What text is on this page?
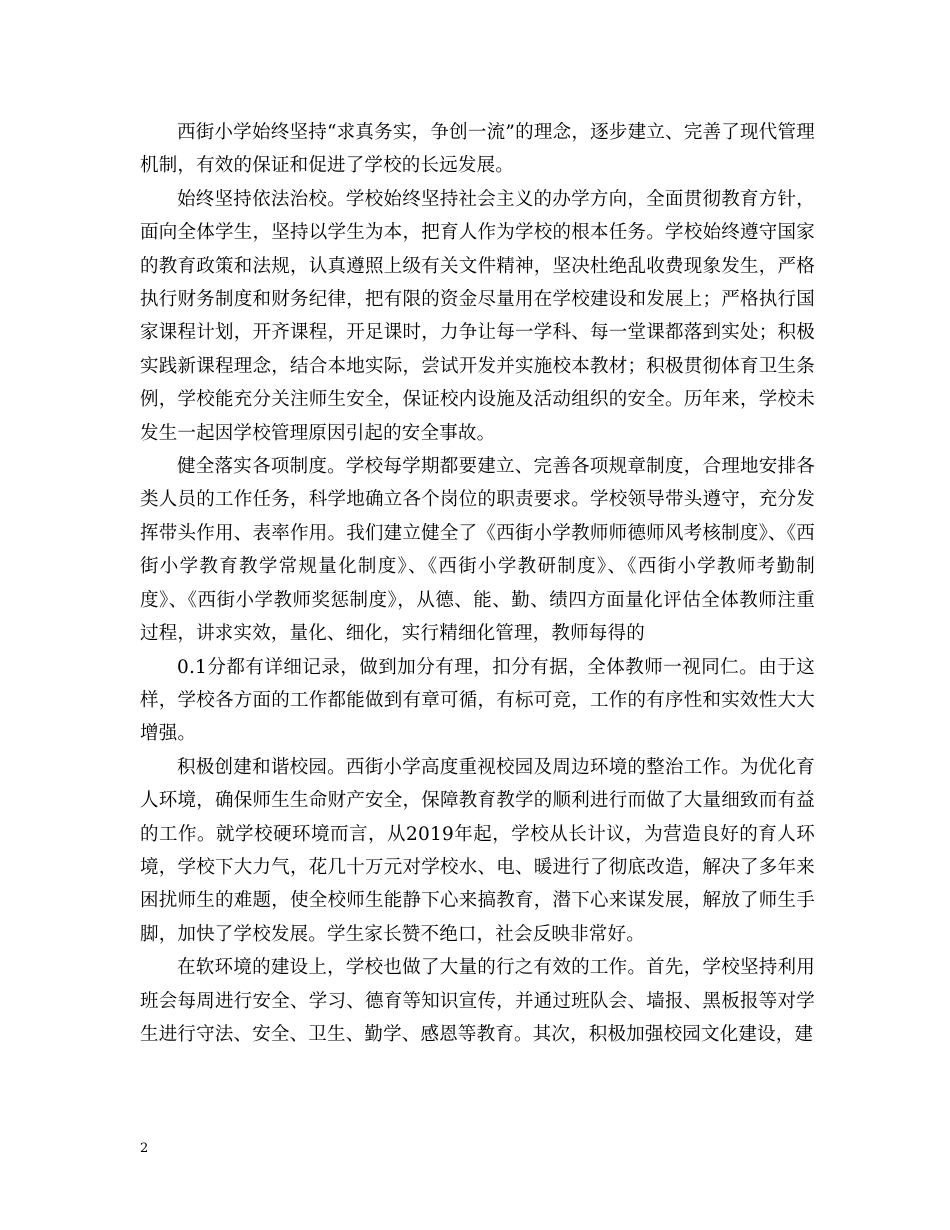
西街小学始终坚持“求真务实，争创一流”的理念，逐步建立、完善了现代管理机制，有效的保证和促进了学校的长远发展。

始终坚持依法治校。学校始终坚持社会主义的办学方向，全面贯彻教育方针，面向全体学生，坚持以学生为本，把育人作为学校的根本任务。学校始终遵守国家的教育政策和法规，认真遵照上级有关文件精神，坚决杜绝乱收费现象发生，严格执行财务制度和财务纪律，把有限的资金尽量用在学校建设和发展上；严格执行国家课程计划，开齐课程，开足课时，力争让每一学科、每一堂课都落到实处；积极实践新课程理念，结合本地实际，尝试开发并实施校本教材；积极贯彻体育卫生条例，学校能充分关注师生安全，保证校内设施及活动组织的安全。历年来，学校未发生一起因学校管理原因引起的安全事故。

健全落实各项制度。学校每学期都要建立、完善各项规章制度，合理地安排各类人员的工作任务，科学地确立各个岗位的职责要求。学校领导带头遵守，充分发挥带头作用、表率作用。我们建立健全了《西街小学教师师德师风考核制度》、《西街小学教育教学常规量化制度》、《西街小学教研制度》、《西街小学教师考勤制度》、《西街小学教师奖惩制度》，从德、能、勤、绩四方面量化评估全体教师注重过程，讲求实效，量化、细化，实行精细化管理，教师每得的

0.1分都有详细记录，做到加分有理，扣分有据，全体教师一视同仁。由于这样，学校各方面的工作都能做到有章可循，有标可竞，工作的有序性和实效性大大增强。

积极创建和谐校园。西街小学高度重视校园及周边环境的整治工作。为优化育人环境，确保师生生命财产安全，保障教育教学的顺利进行而做了大量细致而有益的工作。就学校硬环境而言，从2019年起，学校从长计议，为营造良好的育人环境，学校下大力气，花几十万元对学校水、电、暖进行了彻底改造，解决了多年来困扰师生的难题，使全校师生能静下心来搞教育，潜下心来谋发展，解放了师生手脚，加快了学校发展。学生家长赞不绝口，社会反映非常好。

在软环境的建设上，学校也做了大量的行之有效的工作。首先，学校坚持利用班会每周进行安全、学习、德育等知识宣传，并通过班队会、墙报、黑板报等对学生进行守法、安全、卫生、勤学、感恩等教育。其次，积极加强校园文化建设，建

2
